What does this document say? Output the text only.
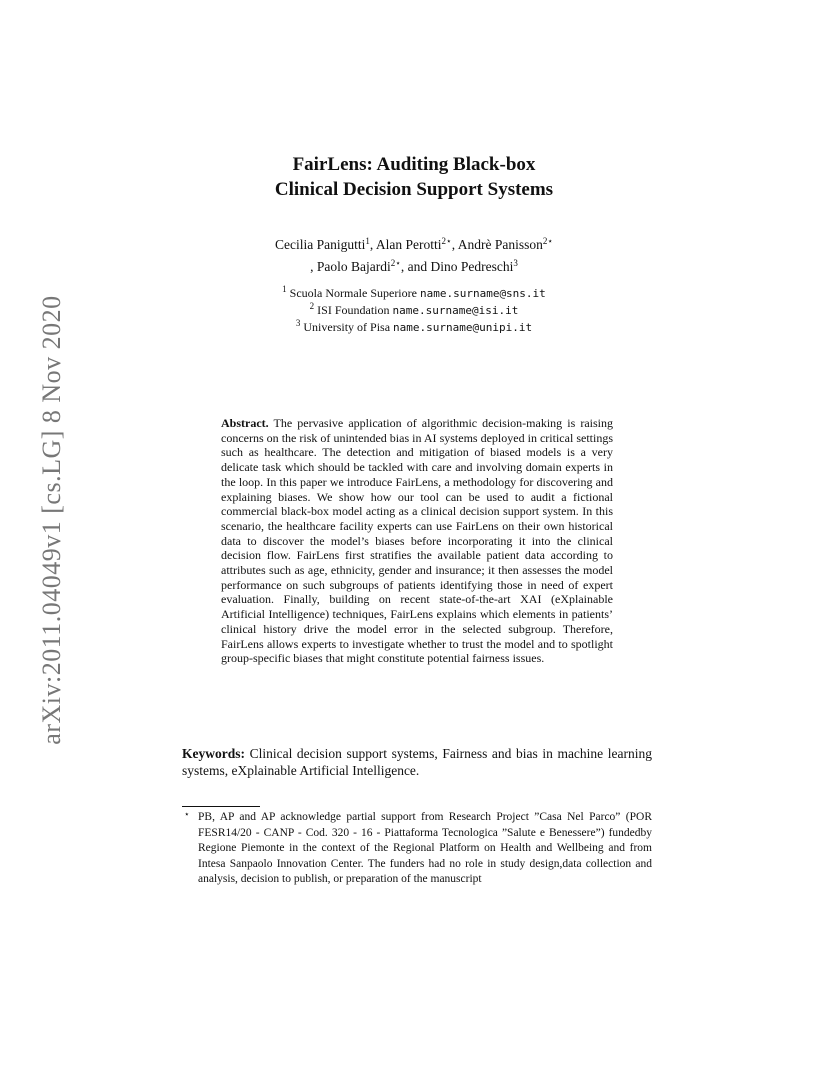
arXiv:2011.04049v1 [cs.LG] 8 Nov 2020
FairLens: Auditing Black-box
Clinical Decision Support Systems
Cecilia Panigutti$^1$, Alan Perotti$^{2⋆}$, Andrè Panisson$^{2⋆}$
, Paolo Bajardi$^{2⋆}$, and Dino Pedreschi$^3$
$^1$ Scuola Normale Superiore name.surname@sns.it
$^2$ ISI Foundation name.surname@isi.it
$^3$ University of Pisa name.surname@unipi.it
Abstract. The pervasive application of algorithmic decision-making is raising concerns on the risk of unintended bias in AI systems deployed in critical settings such as healthcare. The detection and mitigation of biased models is a very delicate task which should be tackled with care and involving domain experts in the loop. In this paper we introduce FairLens, a methodology for discovering and explaining biases. We show how our tool can be used to audit a fictional commercial black-box model acting as a clinical decision support system. In this scenario, the healthcare facility experts can use FairLens on their own historical data to discover the model’s biases before incorporating it into the clinical decision flow. FairLens first stratifies the available patient data according to attributes such as age, ethnicity, gender and insurance; it then assesses the model performance on such subgroups of patients identifying those in need of expert evaluation. Finally, building on recent state-of-the-art XAI (eXplainable Artificial Intelligence) techniques, FairLens explains which elements in patients’ clinical history drive the model error in the selected subgroup. Therefore, FairLens allows experts to investigate whether to trust the model and to spotlight group-specific biases that might constitute potential fairness issues.
Keywords: Clinical decision support systems, Fairness and bias in machine learning systems, eXplainable Artificial Intelligence.
⋆ PB, AP and AP acknowledge partial support from Research Project ”Casa Nel Parco” (POR FESR14/20 - CANP - Cod. 320 - 16 - Piattaforma Tecnologica ”Salute e Benessere”) fundedby Regione Piemonte in the context of the Regional Platform on Health and Wellbeing and from Intesa Sanpaolo Innovation Center. The funders had no role in study design,data collection and analysis, decision to publish, or preparation of the manuscript
